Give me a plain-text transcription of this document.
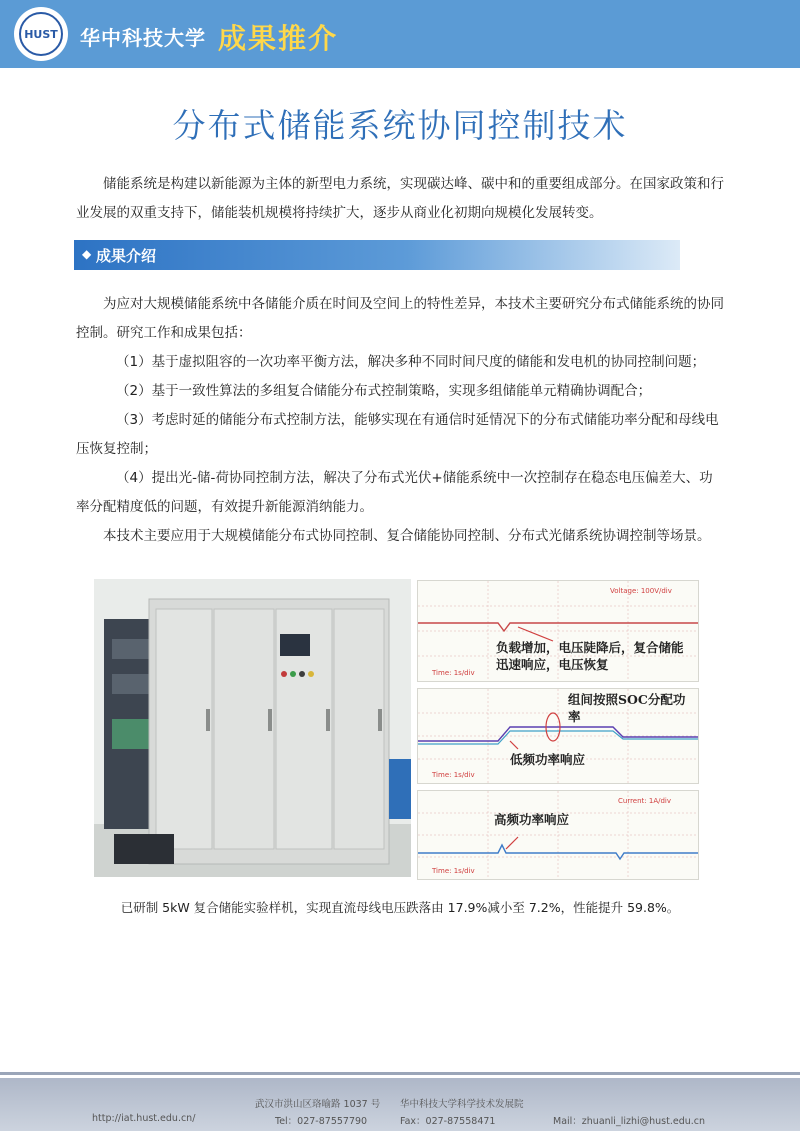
HUST 华中科技大学 成果推介
分布式储能系统协同控制技术
储能系统是构建以新能源为主体的新型电力系统，实现碳达峰、碳中和的重要组成部分。在国家政策和行业发展的双重支持下，储能装机规模将持续扩大，逐步从商业化初期向规模化发展转变。
◆ 成果介绍

为应对大规模储能系统中各储能介质在时间及空间上的特性差异，本技术主要研究分布式储能系统的协同控制。研究工作和成果包括：

（1）基于虚拟阻容的一次功率平衡方法，解决多种不同时间尺度的储能和发电机的协同控制问题；

（2）基于一致性算法的多组复合储能分布式控制策略，实现多组储能单元精确协调配合；

（3）考虑时延的储能分布式控制方法，能够实现在有通信时延情况下的分布式储能功率分配和母线电压恢复控制；

（4）提出光-储-荷协同控制方法，解决了分布式光伏+储能系统中一次控制存在稳态电压偏差大、功率分配精度低的问题，有效提升新能源消纳能力。

本技术主要应用于大规模储能分布式协同控制、复合储能协同控制、分布式光储系统协调控制等场景。

Voltage: 100V/div
负载增加，电压陡降后，复合储能迅速响应，电压恢复
Time: 1s/div
组间按照SOC分配功率
低频功率响应
Time: 1s/div
Current: 1A/div
高频功率响应
Time: 1s/div
已研制 5kW 复合储能实验样机，实现直流母线电压跌落由 17.9%减小至 7.2%，性能提升 59.8%。
武汉市洪山区珞喻路 1037 号 华中科技大学科学技术发展院
http://iat.hust.edu.cn/	Tel：027-87557790	Fax：027-87558471	Mail：zhuanli_lizhi@hust.edu.cn
